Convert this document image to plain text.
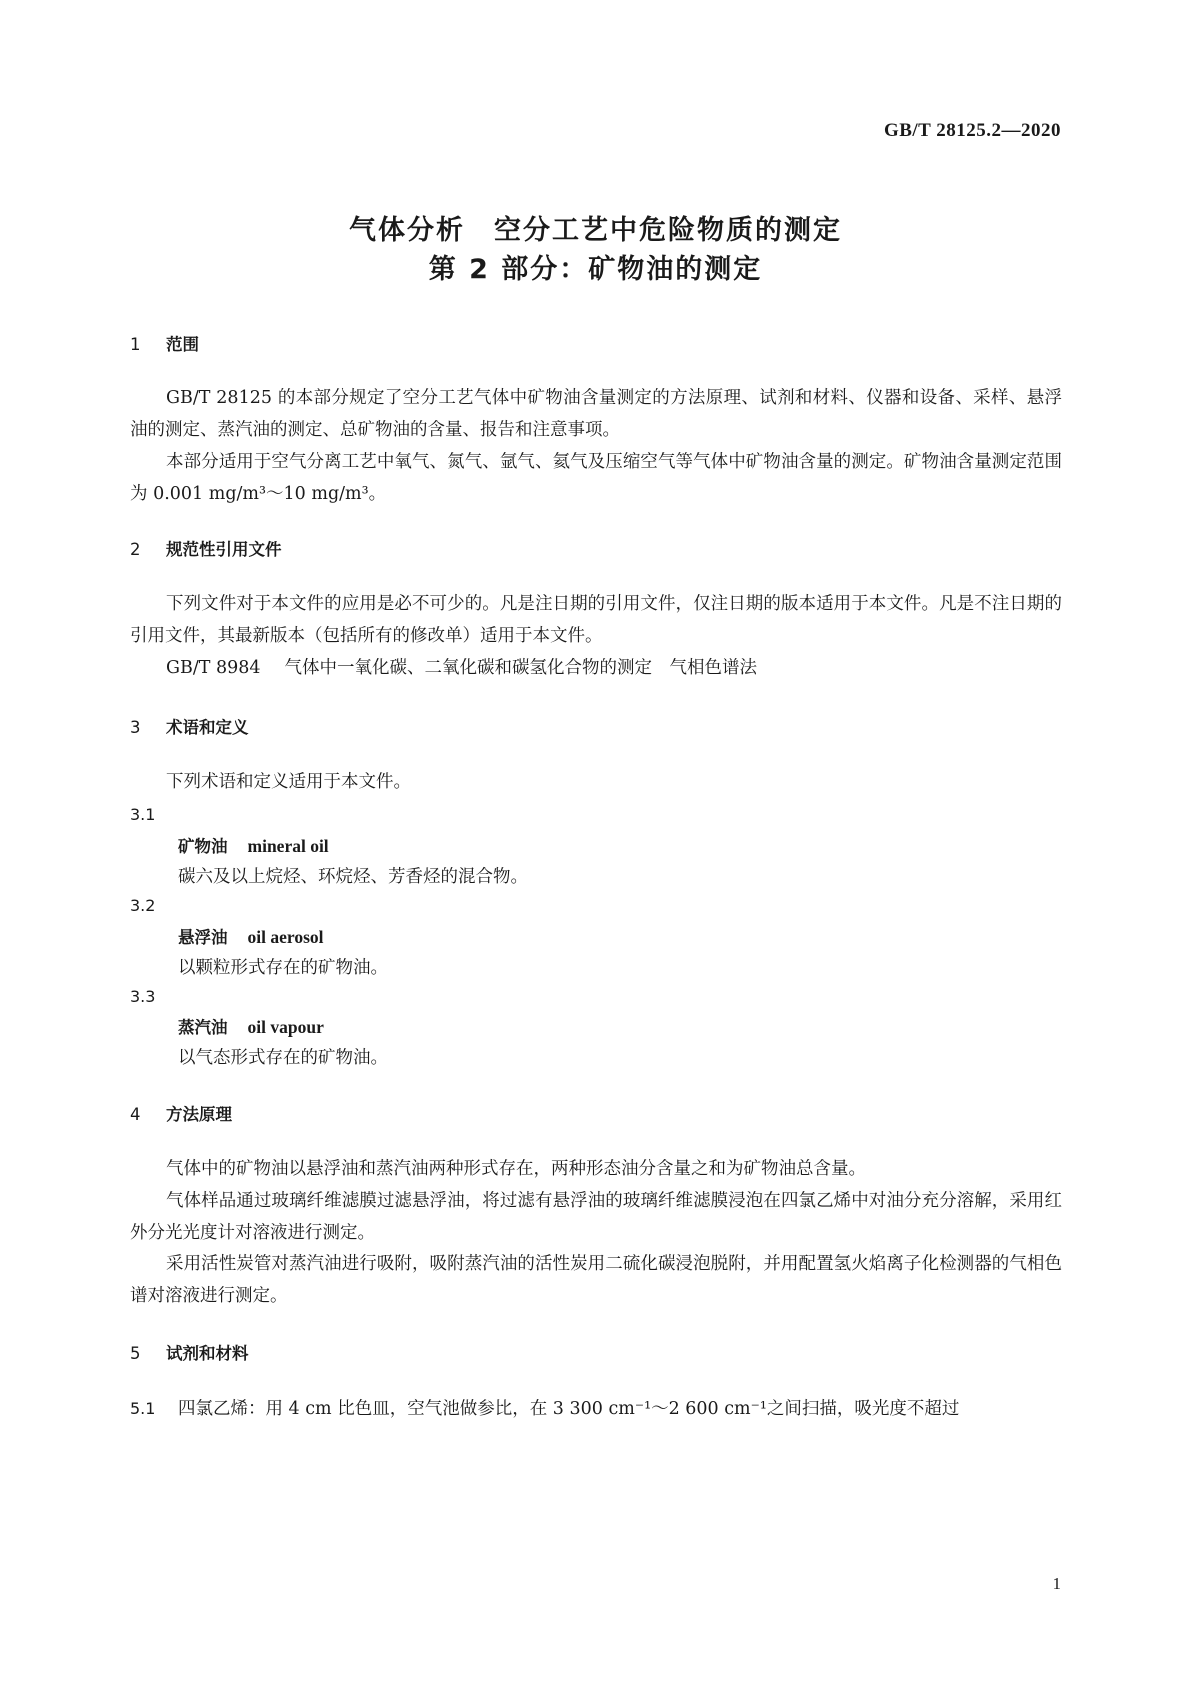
GB/T 28125.2—2020
气体分析　空分工艺中危险物质的测定
第 2 部分：矿物油的测定
1 范围
GB/T 28125 的本部分规定了空分工艺气体中矿物油含量测定的方法原理、试剂和材料、仪器和设备、采样、悬浮油的测定、蒸汽油的测定、总矿物油的含量、报告和注意事项。
本部分适用于空气分离工艺中氧气、氮气、氩气、氦气及压缩空气等气体中矿物油含量的测定。矿物油含量测定范围为 0.001 mg/m³～10 mg/m³。
2 规范性引用文件
下列文件对于本文件的应用是必不可少的。凡是注日期的引用文件，仅注日期的版本适用于本文件。凡是不注日期的引用文件，其最新版本（包括所有的修改单）适用于本文件。
GB/T 8984 气体中一氧化碳、二氧化碳和碳氢化合物的测定　气相色谱法
3 术语和定义
下列术语和定义适用于本文件。
3.1
矿物油 mineral oil
碳六及以上烷烃、环烷烃、芳香烃的混合物。
3.2
悬浮油 oil aerosol
以颗粒形式存在的矿物油。
3.3
蒸汽油 oil vapour
以气态形式存在的矿物油。
4 方法原理
气体中的矿物油以悬浮油和蒸汽油两种形式存在，两种形态油分含量之和为矿物油总含量。
气体样品通过玻璃纤维滤膜过滤悬浮油，将过滤有悬浮油的玻璃纤维滤膜浸泡在四氯乙烯中对油分充分溶解，采用红外分光光度计对溶液进行测定。
采用活性炭管对蒸汽油进行吸附，吸附蒸汽油的活性炭用二硫化碳浸泡脱附，并用配置氢火焰离子化检测器的气相色谱对溶液进行测定。
5 试剂和材料
5.1 四氯乙烯：用 4 cm 比色皿，空气池做参比，在 3 300 cm⁻¹～2 600 cm⁻¹之间扫描，吸光度不超过
1
